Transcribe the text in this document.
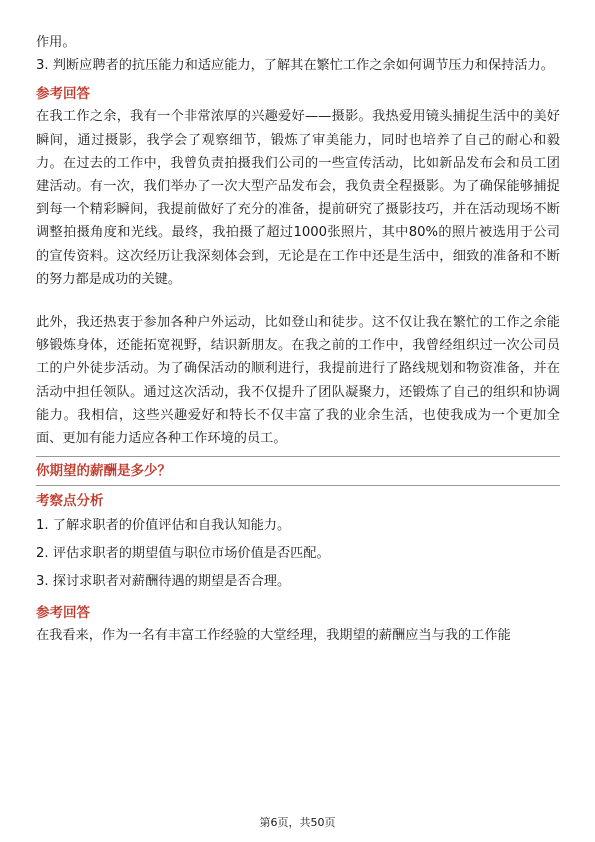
作用。

3. 判断应聘者的抗压能力和适应能力，了解其在繁忙工作之余如何调节压力和保持活力。

参考回答

在我工作之余，我有一个非常浓厚的兴趣爱好——摄影。我热爱用镜头捕捉生活中的美好瞬间，通过摄影，我学会了观察细节，锻炼了审美能力，同时也培养了自己的耐心和毅力。在过去的工作中，我曾负责拍摄我们公司的一些宣传活动，比如新品发布会和员工团建活动。有一次，我们举办了一次大型产品发布会，我负责全程摄影。为了确保能够捕捉到每一个精彩瞬间，我提前做好了充分的准备，提前研究了摄影技巧，并在活动现场不断调整拍摄角度和光线。最终，我拍摄了超过1000张照片，其中80%的照片被选用于公司的宣传资料。这次经历让我深刻体会到，无论是在工作中还是生活中，细致的准备和不断的努力都是成功的关键。

此外，我还热衷于参加各种户外运动，比如登山和徒步。这不仅让我在繁忙的工作之余能够锻炼身体，还能拓宽视野，结识新朋友。在我之前的工作中，我曾经组织过一次公司员工的户外徒步活动。为了确保活动的顺利进行，我提前进行了路线规划和物资准备，并在活动中担任领队。通过这次活动，我不仅提升了团队凝聚力，还锻炼了自己的组织和协调能力。我相信，这些兴趣爱好和特长不仅丰富了我的业余生活，也使我成为一个更加全面、更加有能力适应各种工作环境的员工。

你期望的薪酬是多少？

考察点分析

1. 了解求职者的价值评估和自我认知能力。

2. 评估求职者的期望值与职位市场价值是否匹配。

3. 探讨求职者对薪酬待遇的期望是否合理。

参考回答

在我看来，作为一名有丰富工作经验的大堂经理，我期望的薪酬应当与我的工作能

第6页，共50页
